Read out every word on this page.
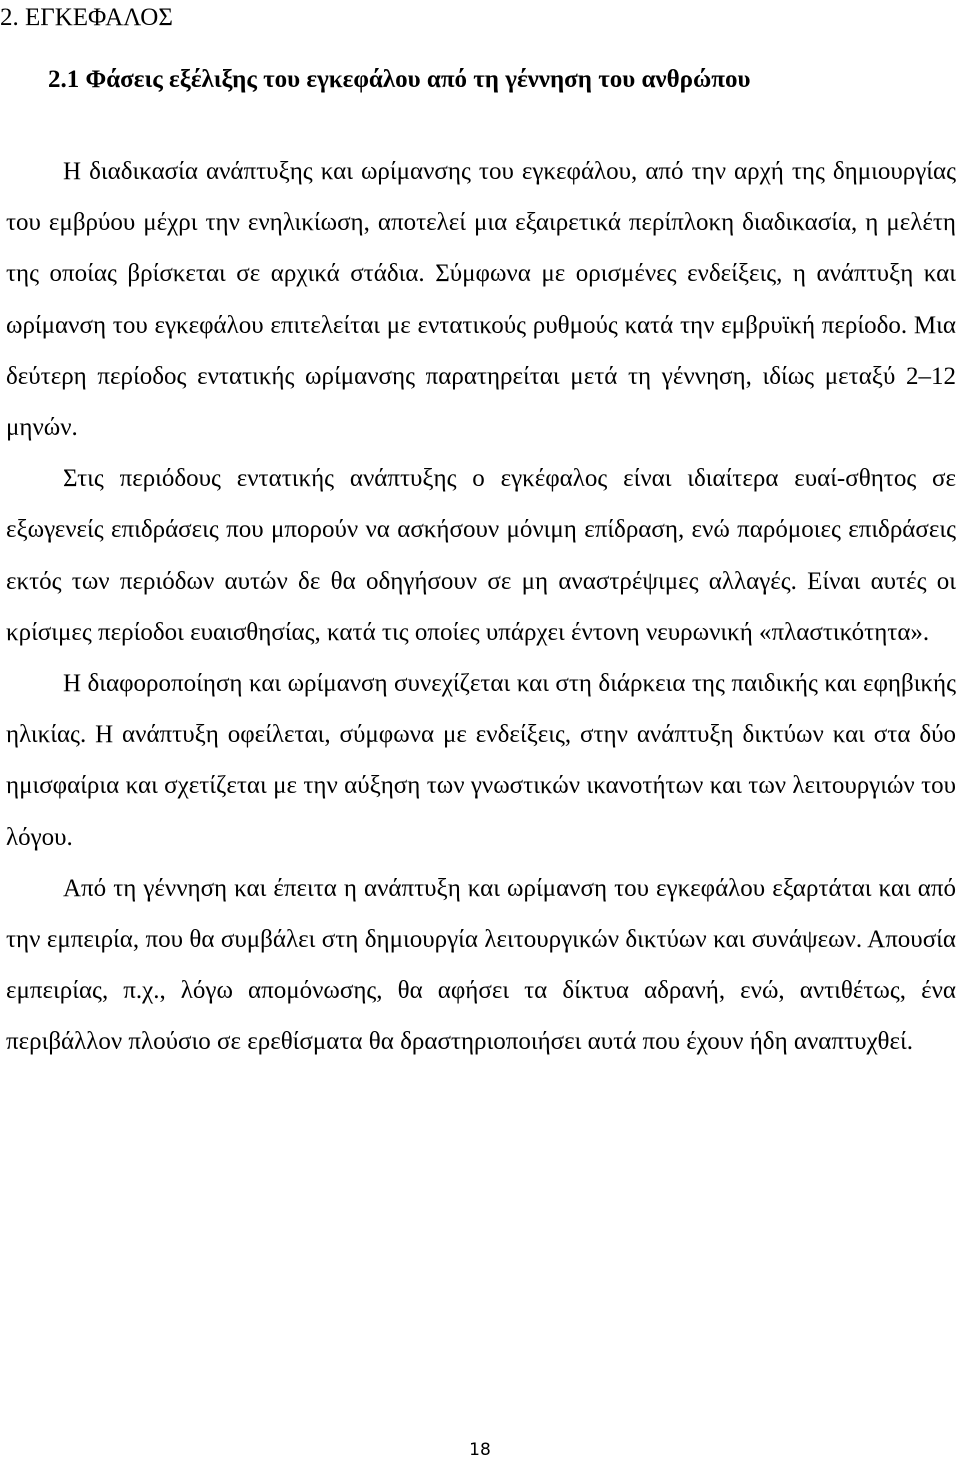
2. ΕΓΚΕΦΑΛΟΣ
2.1 Φάσεις εξέλιξης του εγκεφάλου από τη γέννηση του ανθρώπου

Η διαδικασία ανάπτυξης και ωρίμανσης του εγκεφάλου, από την αρχή της δημιουργίας του εμβρύου μέχρι την ενηλικίωση, αποτελεί μια εξαιρετικά περίπλοκη διαδικασία, η μελέτη της οποίας βρίσκεται σε αρχικά στάδια. Σύμφωνα με ορισμένες ενδείξεις, η ανάπτυξη και ωρίμανση του εγκεφάλου επιτελείται με εντατικούς ρυθμούς κατά την εμβρυϊκή περίοδο. Μια δεύτερη περίοδος εντατικής ωρίμανσης παρατηρείται μετά τη γέννηση, ιδίως μεταξύ 2–12 μηνών.

Στις περιόδους εντατικής ανάπτυξης ο εγκέφαλος είναι ιδιαίτερα ευαί-σθητος σε εξωγενείς επιδράσεις που μπορούν να ασκήσουν μόνιμη επίδραση, ενώ παρόμοιες επιδράσεις εκτός των περιόδων αυτών δε θα οδηγήσουν σε μη αναστρέψιμες αλλαγές. Είναι αυτές οι κρίσιμες περίοδοι ευαισθησίας, κατά τις οποίες υπάρχει έντονη νευρωνική «πλαστικότητα».

Η διαφοροποίηση και ωρίμανση συνεχίζεται και στη διάρκεια της παιδικής και εφηβικής ηλικίας. Η ανάπτυξη οφείλεται, σύμφωνα με ενδείξεις, στην ανάπτυξη δικτύων και στα δύο ημισφαίρια και σχετίζεται με την αύξηση των γνωστικών ικανοτήτων και των λειτουργιών του λόγου.

Από τη γέννηση και έπειτα η ανάπτυξη και ωρίμανση του εγκεφάλου εξαρτάται και από την εμπειρία, που θα συμβάλει στη δημιουργία λειτουργικών δικτύων και συνάψεων. Απουσία εμπειρίας, π.χ., λόγω απομόνωσης, θα αφήσει τα δίκτυα αδρανή, ενώ, αντιθέτως, ένα περιβάλλον πλούσιο σε ερεθίσματα θα δραστηριοποιήσει αυτά που έχουν ήδη αναπτυχθεί.

18
